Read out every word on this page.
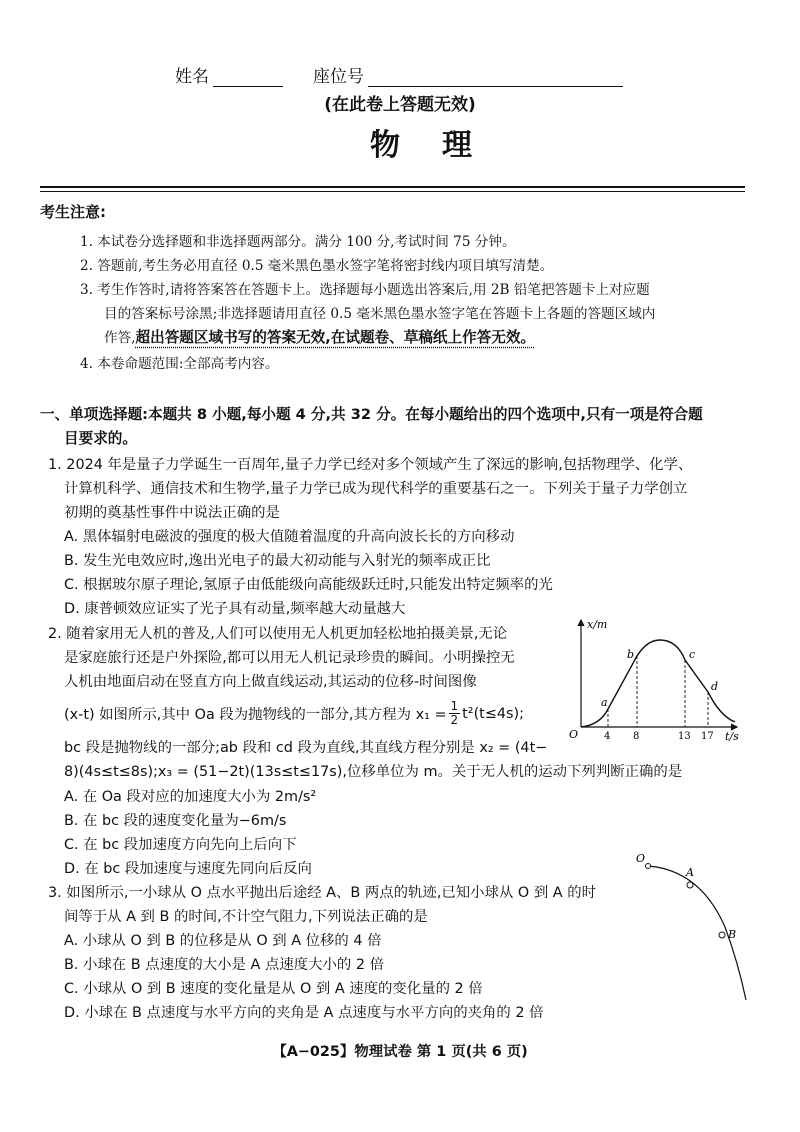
姓名	座位号
(在此卷上答题无效)
物理
考生注意:
1. 本试卷分选择题和非选择题两部分。满分 100 分,考试时间 75 分钟。
2. 答题前,考生务必用直径 0.5 毫米黑色墨水签字笔将密封线内项目填写清楚。
3. 考生作答时,请将答案答在答题卡上。选择题每小题选出答案后,用 2B 铅笔把答题卡上对应题
目的答案标号涂黑;非选择题请用直径 0.5 毫米黑色墨水签字笔在答题卡上各题的答题区域内
作答,超出答题区域书写的答案无效,在试题卷、草稿纸上作答无效。
4. 本卷命题范围:全部高考内容。
一、单项选择题:本题共 8 小题,每小题 4 分,共 32 分。在每小题给出的四个选项中,只有一项是符合题
目要求的。
1. 2024 年是量子力学诞生一百周年,量子力学已经对多个领域产生了深远的影响,包括物理学、化学、
计算机科学、通信技术和生物学,量子力学已成为现代科学的重要基石之一。下列关于量子力学创立
初期的奠基性事件中说法正确的是
A. 黑体辐射电磁波的强度的极大值随着温度的升高向波长长的方向移动
B. 发生光电效应时,逸出光电子的最大初动能与入射光的频率成正比
C. 根据玻尔原子理论,氢原子由低能级向高能级跃迁时,只能发出特定频率的光
D. 康普顿效应证实了光子具有动量,频率越大动量越大
2. 随着家用无人机的普及,人们可以使用无人机更加轻松地拍摄美景,无论
是家庭旅行还是户外探险,都可以用无人机记录珍贵的瞬间。小明操控无
人机由地面启动在竖直方向上做直线运动,其运动的位移-时间图像
(x-t) 如图所示,其中 Oa 段为抛物线的一部分,其方程为 $x_1 = \frac{1}{2} t^2(t\le 4s)$;
bc 段是抛物线的一部分;ab 段和 cd 段为直线,其直线方程分别是 x₂ = (4t−
8)(4s≤t≤8s);x₃ = (51−2t)(13s≤t≤17s),位移单位为 m。关于无人机的运动下列判断正确的是
A. 在 Oa 段对应的加速度大小为 2m/s²
B. 在 bc 段的速度变化量为−6m/s
C. 在 bc 段加速度方向先向上后向下
D. 在 bc 段加速度与速度先同向后反向
x/m
t/s
O	4 8	13 17
a
b	c
d
3. 如图所示,一小球从 O 点水平抛出后途经 A、B 两点的轨迹,已知小球从 O 到 A 的时
间等于从 A 到 B 的时间,不计空气阻力,下列说法正确的是
A. 小球从 O 到 B 的位移是从 O 到 A 位移的 4 倍
B. 小球在 B 点速度的大小是 A 点速度大小的 2 倍
C. 小球从 O 到 B 速度的变化量是从 O 到 A 速度的变化量的 2 倍
D. 小球在 B 点速度与水平方向的夹角是 A 点速度与水平方向的夹角的 2 倍
O
A
B
【A−025】物理试卷 第 1 页(共 6 页)
